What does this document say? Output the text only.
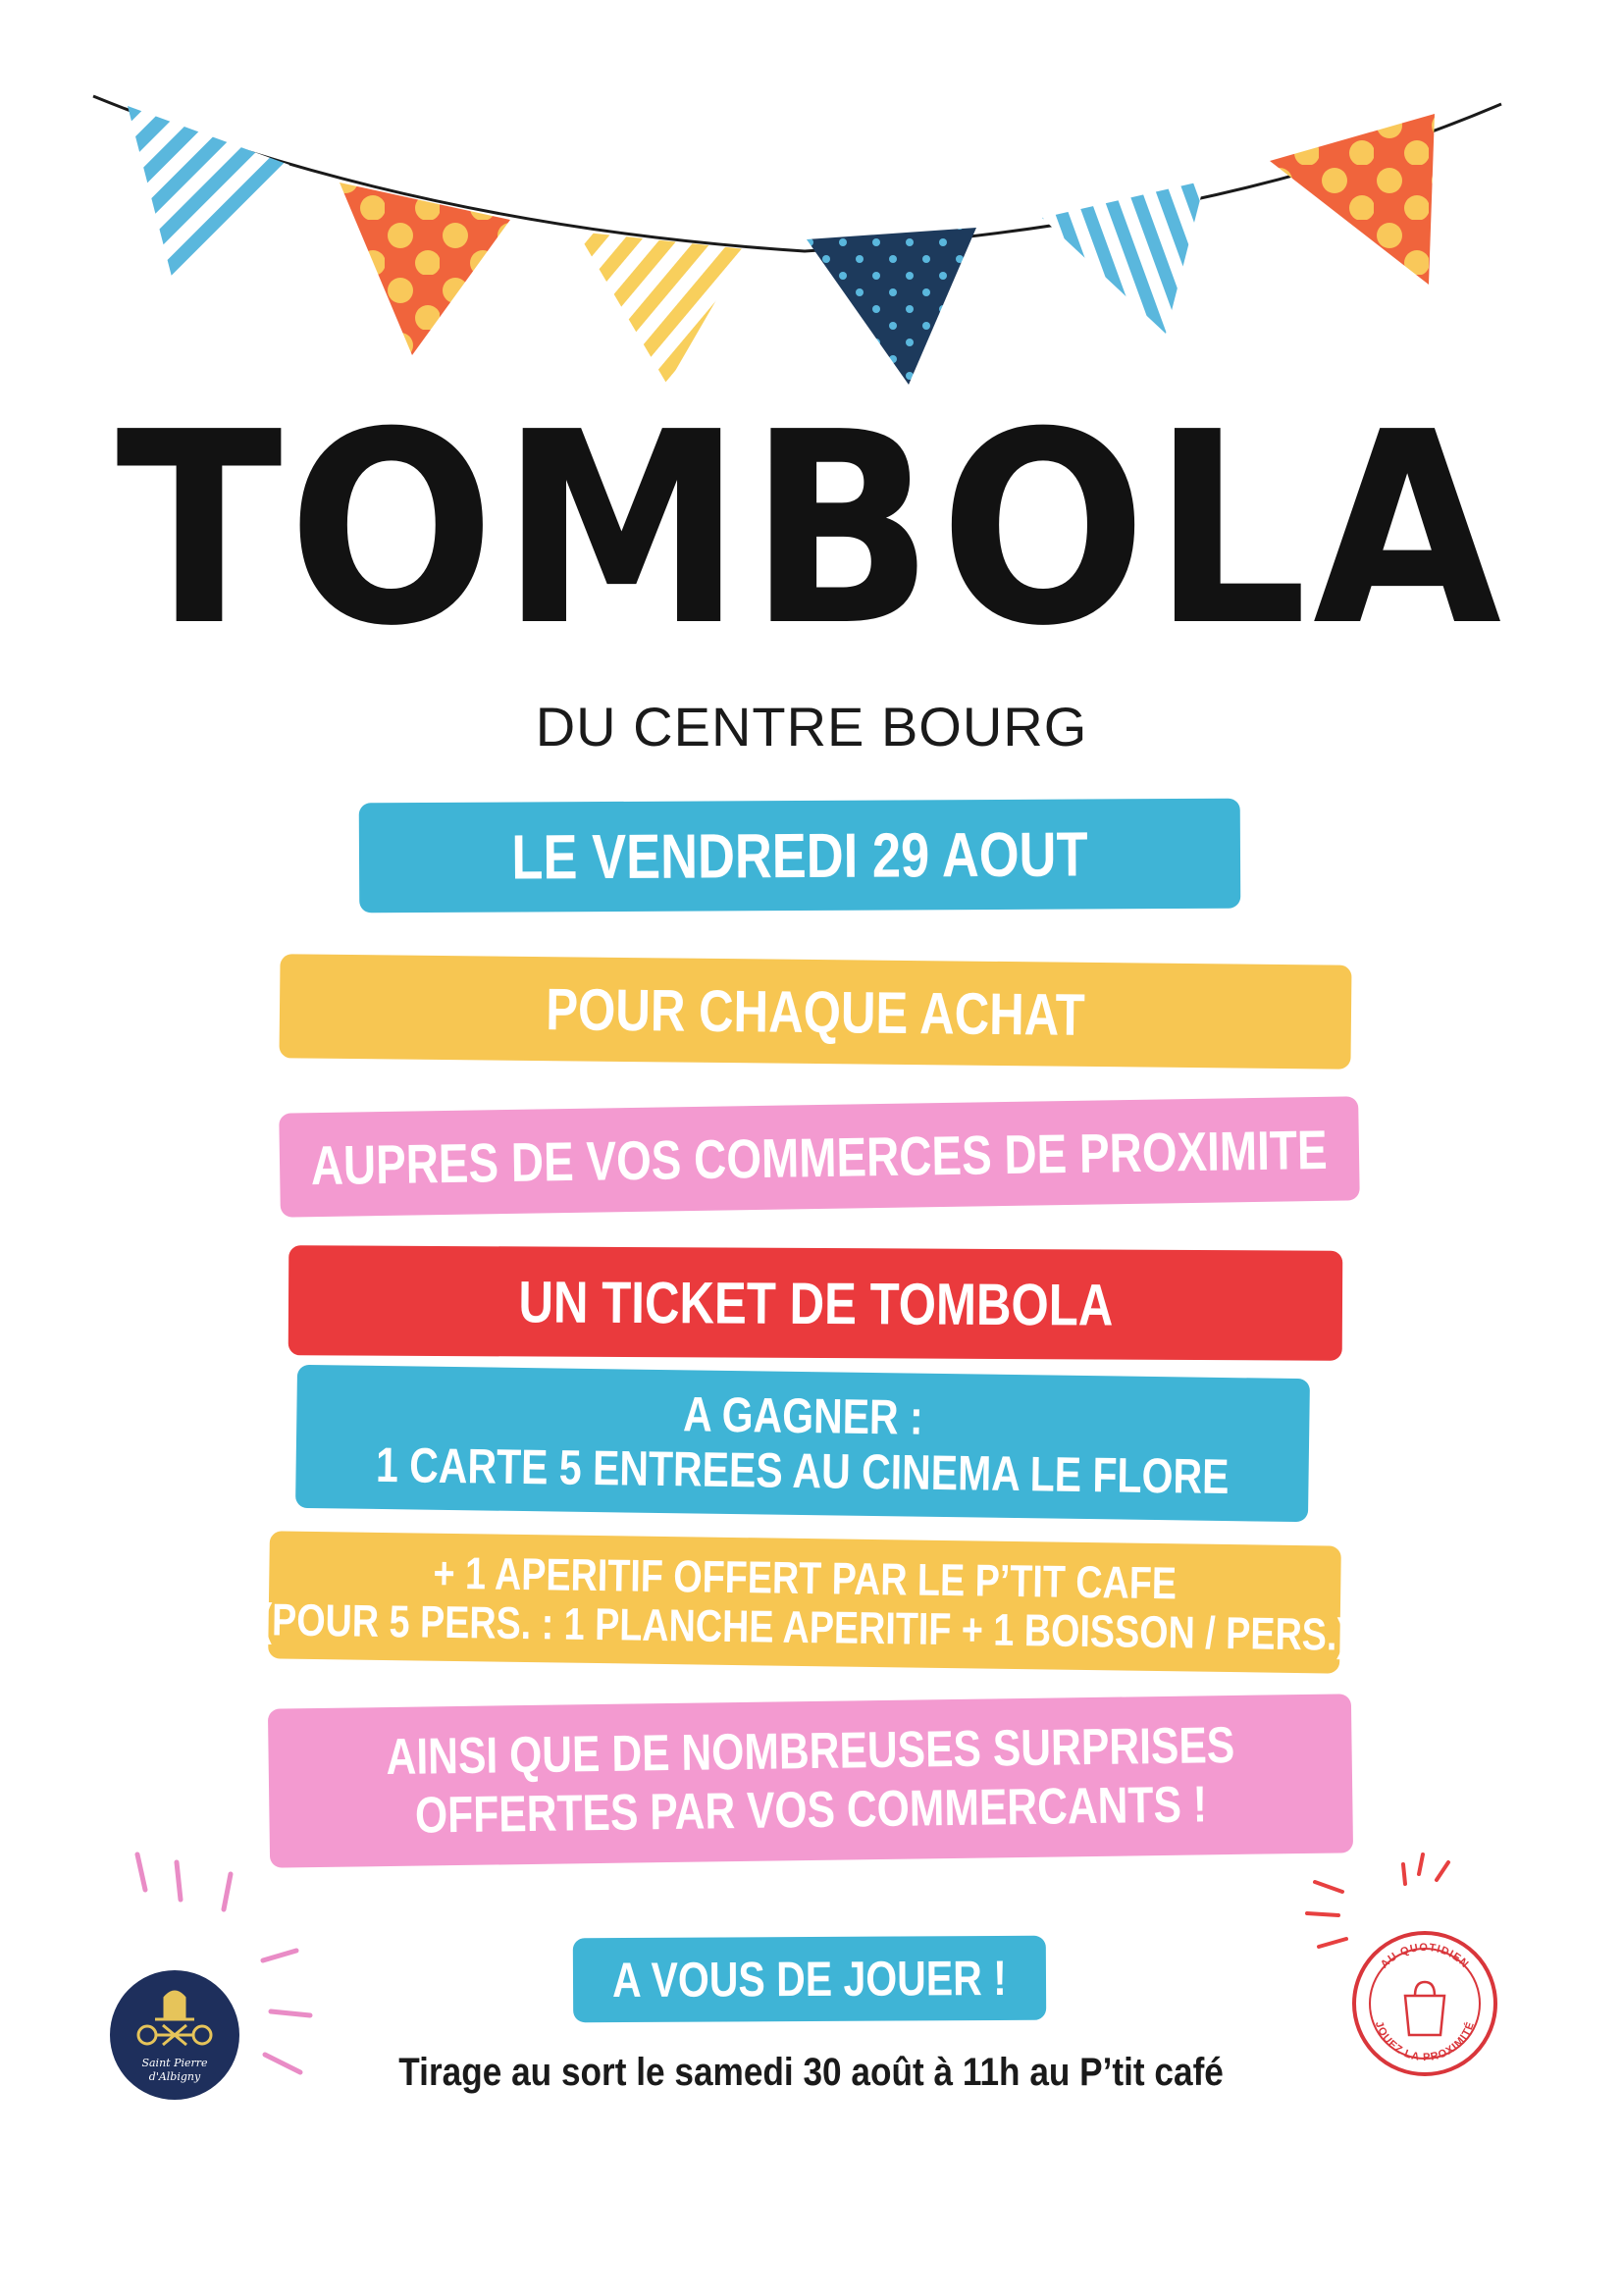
TOMBOLA
DU CENTRE BOURG
LE VENDREDI 29 AOUT
POUR CHAQUE ACHAT
AUPRES DE VOS COMMERCES DE PROXIMITE
UN TICKET DE TOMBOLA
A GAGNER :
1 CARTE 5 ENTREES AU CINEMA LE FLORE
+ 1 APERITIF OFFERT PAR LE P’TIT CAFE
(POUR 5 PERS. : 1 PLANCHE APERITIF + 1 BOISSON / PERS.)
AINSI QUE DE NOMBREUSES SURPRISES
OFFERTES PAR VOS COMMERCANTS !
A VOUS DE JOUER !
Tirage au sort le samedi 30 août à 11h au P’tit café
Saint Pierre
d'Albigny
AU QUOTIDIEN
JOUEZ LA PROXIMITÉ
